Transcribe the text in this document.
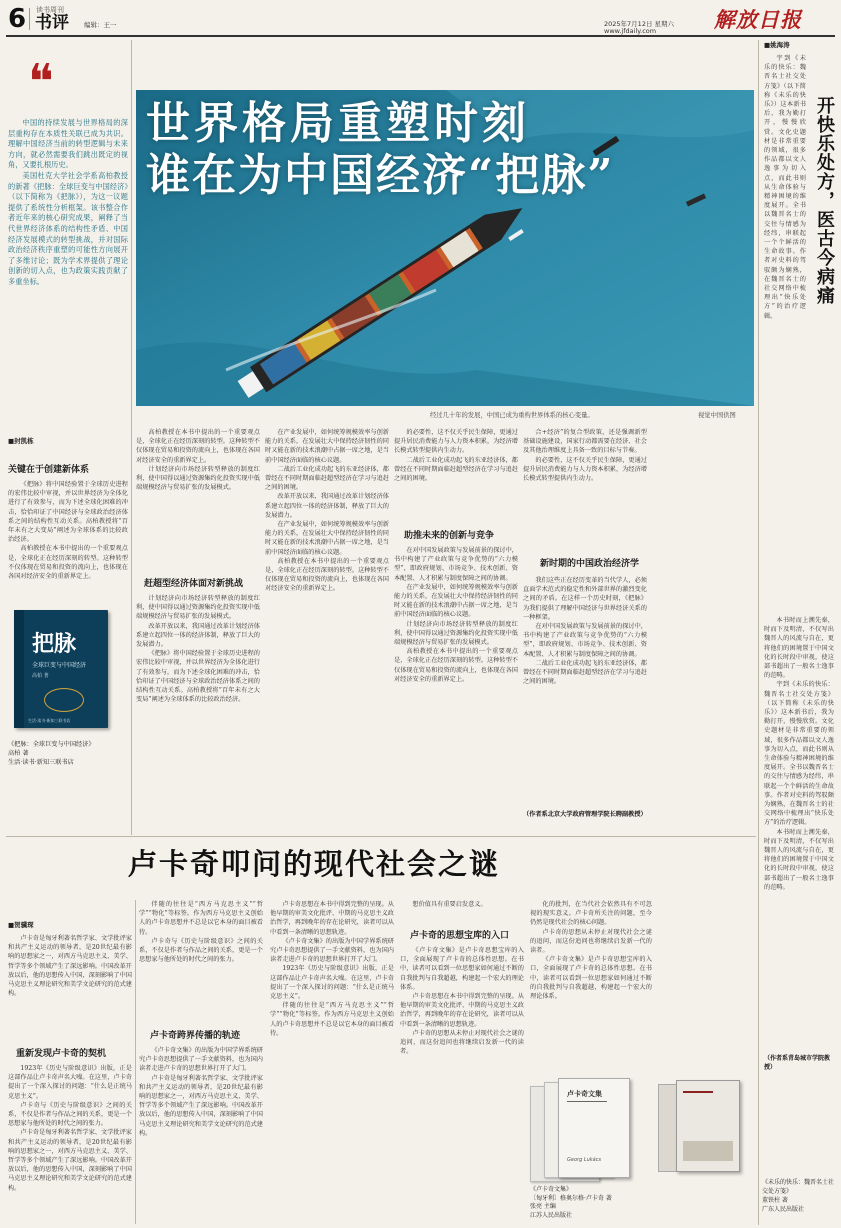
6 读书周刊
书评 编辑：王一	2025年7月12日 星期六
www.jfdaily.com	解放日报
❝

中国的持续发展与世界格局的深层重构存在本质性关联已成为共识。理解中国经济当前的转型逻辑与未来方向，就必然需要我们跳出既定的视角，又要扎根历史。

美国杜克大学社会学系高柏教授的新著《把脉：全球巨变与中国经济》（以下简称为《把脉》），为这一议题提供了系统性分析框架。该书整合作者近年来的核心研究成果，阐释了当代世界经济体系的结构性矛盾、中国经济发展模式的转型挑战，并对国际政治经济秩序重塑的可能性方向展开了多维讨论；既为学术界提供了理论创新的切入点，也为政策实践贡献了多重坐标。

世界格局重塑时刻
谁在为中国经济“把脉”
经过几十年的发展，中国已成为重构世界体系的核心变量。	视觉中国供图
■封凯栋
关键在于创建新体系

《把脉》将中国经验置于全球历史进程的宏伟比较中审视，并以世界经济为全体化进行了有效参与，而为下述全球化困难的冲击，恰恰印证了中国经济与全球政治经济体系之间的结构性互动关系。高柏教授将“百年未有之大变局”阐述为全球体系的比较政治经济。

高柏教授在本书中提出的一个重要观点是，全球化正在经历深刻的转型。这种转型不仅体现在贸易和投资的流向上，也体现在各国对经济安全的重新界定上。

把脉
全球巨变与中国经济
高柏 著
生活·读书·新知三联书店
《把脉：全球巨变与中国经济》
高柏 著
生活·读书·新知三联书店

高柏教授在本书中提出的一个重要观点是，全球化正在经历深刻的转型。这种转型不仅体现在贸易和投资的流向上，也体现在各国对经济安全的重新界定上。

计划经济向市场经济转型释放的制度红利，使中国得以通过资源集约化投资实现中低端规模经济与贸易扩张的发展模式。

赶超型经济体面对新挑战

计划经济向市场经济转型释放的制度红利，使中国得以通过资源集约化投资实现中低端规模经济与贸易扩张的发展模式。

改革开放以来，我国通过改革计划经济体系建立起四位一体的经济体制，释放了巨大的发展潜力。

《把脉》将中国经验置于全球历史进程的宏伟比较中审视，并以世界经济为全体化进行了有效参与，而为下述全球化困难的冲击，恰恰印证了中国经济与全球政治经济体系之间的结构性互动关系。高柏教授将“百年未有之大变局”阐述为全球体系的比较政治经济。

在产业发展中，如何统筹规模效率与创新能力的关系，在发展壮大中保持经济韧性的同时又能在新的技术浪潮中占据一席之地，是当前中国经济面临的核心议题。

二战后工业化成功起飞的东亚经济体，都曾经在不同时期面临赶超型经济在学习与追赶之间的困境。

改革开放以来，我国通过改革计划经济体系建立起四位一体的经济体制，释放了巨大的发展潜力。

在产业发展中，如何统筹规模效率与创新能力的关系，在发展壮大中保持经济韧性的同时又能在新的技术浪潮中占据一席之地，是当前中国经济面临的核心议题。

高柏教授在本书中提出的一个重要观点是，全球化正在经历深刻的转型。这种转型不仅体现在贸易和投资的流向上，也体现在各国对经济安全的重新界定上。

的必要性，这不仅关乎民生保障，更通过提升居民消费能力与人力资本积累，为经济增长模式转型提供内生动力。

二战后工业化成功起飞的东亚经济体，都曾经在不同时期面临赶超型经济在学习与追赶之间的困境。

助推未来的创新与竞争

在对中国发展政策与发展前景的探讨中，书中构建了产业政策与竞争优势的“六力模型”，即政府规划、市场竞争、技术创新、资本配置、人才积累与制度保障之间的协调。

在产业发展中，如何统筹规模效率与创新能力的关系，在发展壮大中保持经济韧性的同时又能在新的技术浪潮中占据一席之地，是当前中国经济面临的核心议题。

计划经济向市场经济转型释放的制度红利，使中国得以通过资源集约化投资实现中低端规模经济与贸易扩张的发展模式。

高柏教授在本书中提出的一个重要观点是，全球化正在经历深刻的转型。这种转型不仅体现在贸易和投资的流向上，也体现在各国对经济安全的重新界定上。

合+经济”的复合型政策，还是强调新型基础设施建设，国家行动都需要在经济、社会及其他治理维度上具备一致的目标与节奏。

的必要性，这不仅关乎民生保障，更通过提升居民消费能力与人力资本积累，为经济增长模式转型提供内生动力。

新时期的中国政治经济学

我们这些正在经历变革的当代学人，必须直面学术范式的稳定性和外部世界的激烈变化之间的矛盾。在这样一个历史时刻，《把脉》为我们提供了理解中国经济与世界经济关系的一种框架。

在对中国发展政策与发展前景的探讨中，书中构建了产业政策与竞争优势的“六力模型”，即政府规划、市场竞争、技术创新、资本配置、人才积累与制度保障之间的协调。

二战后工业化成功起飞的东亚经济体，都曾经在不同时期面临赶超型经济在学习与追赶之间的困境。

（作者系北京大学政府管理学院长聘副教授）
■姚海涛
开快乐处方，医古今病痛

宇到《未乐的快乐：魏晋名士社交处方笺》（以下简称《未乐的快乐》）这本新书后，我为勤打开，慢慢欣赏。文化史题材是非常重要的领域，很多作品都以文人逸事为切入点，而此书则从生命体验与精神困境的维度展开。全书以魏晋名士的交往与情感为经纬，串联起一个个鲜活的生命故事。作者对史料的驾驭颇为娴熟，在魏晋名士的社交网络中梳理出“快乐处方”的治疗逻辑。

本书时而上溯先秦，时而下及明清，不仅写出魏晋人的风流与自在，更将他们的困境置于中国文化的长时段中审视，使这部书超出了一般名士逸事的范畴。

宇到《未乐的快乐：魏晋名士社交处方笺》（以下简称《未乐的快乐》）这本新书后，我为勤打开，慢慢欣赏。文化史题材是非常重要的领域，很多作品都以文人逸事为切入点，而此书则从生命体验与精神困境的维度展开。全书以魏晋名士的交往与情感为经纬，串联起一个个鲜活的生命故事。作者对史料的驾驭颇为娴熟，在魏晋名士的社交网络中梳理出“快乐处方”的治疗逻辑。

本书时而上溯先秦，时而下及明清，不仅写出魏晋人的风流与自在，更将他们的困境置于中国文化的长时段中审视，使这部书超出了一般名士逸事的范畴。

（作者系青岛城市学院教授）
《未乐的快乐：魏晋名士社交处方笺》
董铁柱 著
广东人民出版社
卢卡奇叩问的现代社会之谜
■贺骥琛

卢卡奇是匈牙利著名哲学家、文学批评家和共产主义运动的领导者，是20世纪最有影响的思想家之一，对西方马克思主义、美学、哲学等多个领域产生了深远影响。中国改革开放以后，他的思想传入中国，深刻影响了中国马克思主义理论研究和美学文论研究的范式建构。

重新发现卢卡奇的契机

1923年《历史与阶级意识》出版，正是这部作品让卢卡奇声名大噪。在这里，卢卡奇提出了一个深入探讨的问题：“什么是正统马克思主义”。

卢卡奇与《历史与阶级意识》之间的关系，不仅是作者与作品之间的关系，更是一个思想家与他所处的时代之间的张力。

卢卡奇是匈牙利著名哲学家、文学批评家和共产主义运动的领导者，是20世纪最有影响的思想家之一，对西方马克思主义、美学、哲学等多个领域产生了深远影响。中国改革开放以后，他的思想传入中国，深刻影响了中国马克思主义理论研究和美学文论研究的范式建构。

伴随的往往是“西方马克思主义”“哲学”“物化”等标签。作为西方马克思主义创始人的卢卡奇思想并不总是以它本身的面目被看待。

卢卡奇与《历史与阶级意识》之间的关系，不仅是作者与作品之间的关系，更是一个思想家与他所处的时代之间的张力。

卢卡奇跨界传播的轨迹

《卢卡奇文集》的出版为中国学界系统研究卢卡奇思想提供了一手文献资料，也为国内读者走进卢卡奇的思想世界打开了大门。

卢卡奇是匈牙利著名哲学家、文学批评家和共产主义运动的领导者，是20世纪最有影响的思想家之一，对西方马克思主义、美学、哲学等多个领域产生了深远影响。中国改革开放以后，他的思想传入中国，深刻影响了中国马克思主义理论研究和美学文论研究的范式建构。

卢卡奇思想在本书中得到完整的呈现。从他早期的审美文化批评、中期的马克思主义政治哲学，再到晚年的存在论研究，读者可以从中看到一条清晰的思想轨迹。

《卢卡奇文集》的出版为中国学界系统研究卢卡奇思想提供了一手文献资料，也为国内读者走进卢卡奇的思想世界打开了大门。

1923年《历史与阶级意识》出版，正是这部作品让卢卡奇声名大噪。在这里，卢卡奇提出了一个深入探讨的问题：“什么是正统马克思主义”。

伴随的往往是“西方马克思主义”“哲学”“物化”等标签。作为西方马克思主义创始人的卢卡奇思想并不总是以它本身的面目被看待。

想价值具有重要启发意义。

卢卡奇的思想宝库的入口

《卢卡奇文集》是卢卡奇思想宝库的入口，全面展现了卢卡奇的总体性思想。在书中，读者可以看到一位思想家如何通过不断的自我批判与自我超越，构建起一个宏大的理论体系。

卢卡奇思想在本书中得到完整的呈现。从他早期的审美文化批评、中期的马克思主义政治哲学，再到晚年的存在论研究，读者可以从中看到一条清晰的思想轨迹。

卢卡奇的思想从未停止对现代社会之谜的追问，而这份追问也将继续启发新一代的读者。

化的批判，在当代社会依然具有不可忽视的现实意义。卢卡奇所关注的问题，至今仍然是现代社会的核心问题。

卢卡奇的思想从未停止对现代社会之谜的追问，而这份追问也将继续启发新一代的读者。

《卢卡奇文集》是卢卡奇思想宝库的入口，全面展现了卢卡奇的总体性思想。在书中，读者可以看到一位思想家如何通过不断的自我批判与自我超越，构建起一个宏大的理论体系。

卢卡奇文集
Georg Lukács
《卢卡奇文集》
〔匈牙利〕格奥尔格·卢卡奇 著
张亮 主编
江苏人民出版社
